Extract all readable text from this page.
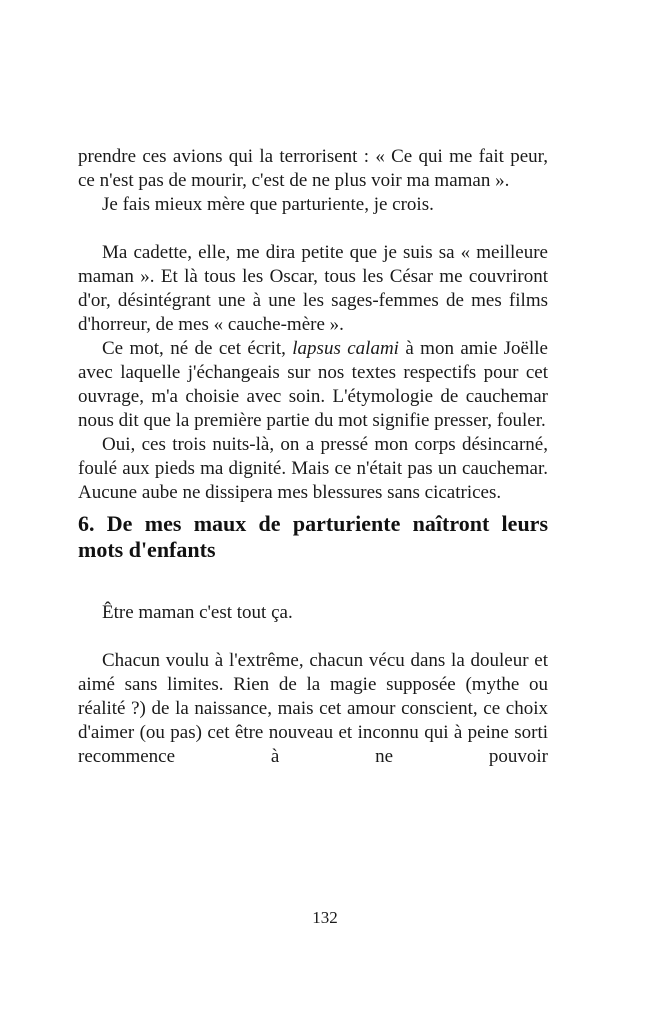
prendre ces avions qui la terrorisent : « Ce qui me fait peur, ce n'est pas de mourir, c'est de ne plus voir ma maman ».

Je fais mieux mère que parturiente, je crois.

Ma cadette, elle, me dira petite que je suis sa « meilleure maman ». Et là tous les Oscar, tous les César me couvriront d'or, désintégrant une à une les sages-femmes de mes films d'horreur, de mes « cauche-mère ».

Ce mot, né de cet écrit, lapsus calami à mon amie Joëlle avec laquelle j'échangeais sur nos textes respectifs pour cet ouvrage, m'a choisie avec soin. L'étymologie de cauchemar nous dit que la première partie du mot signifie presser, fouler.

Oui, ces trois nuits-là, on a pressé mon corps désincarné, foulé aux pieds ma dignité. Mais ce n'était pas un cauchemar. Aucune aube ne dissipera mes blessures sans cicatrices.

6. De mes maux de parturiente naîtront leurs mots d'enfants

Être maman c'est tout ça.

Chacun voulu à l'extrême, chacun vécu dans la douleur et aimé sans limites. Rien de la magie supposée (mythe ou réalité ?) de la naissance, mais cet amour conscient, ce choix d'aimer (ou pas) cet être nouveau et inconnu qui à peine sorti recommence à ne pouvoir

132
